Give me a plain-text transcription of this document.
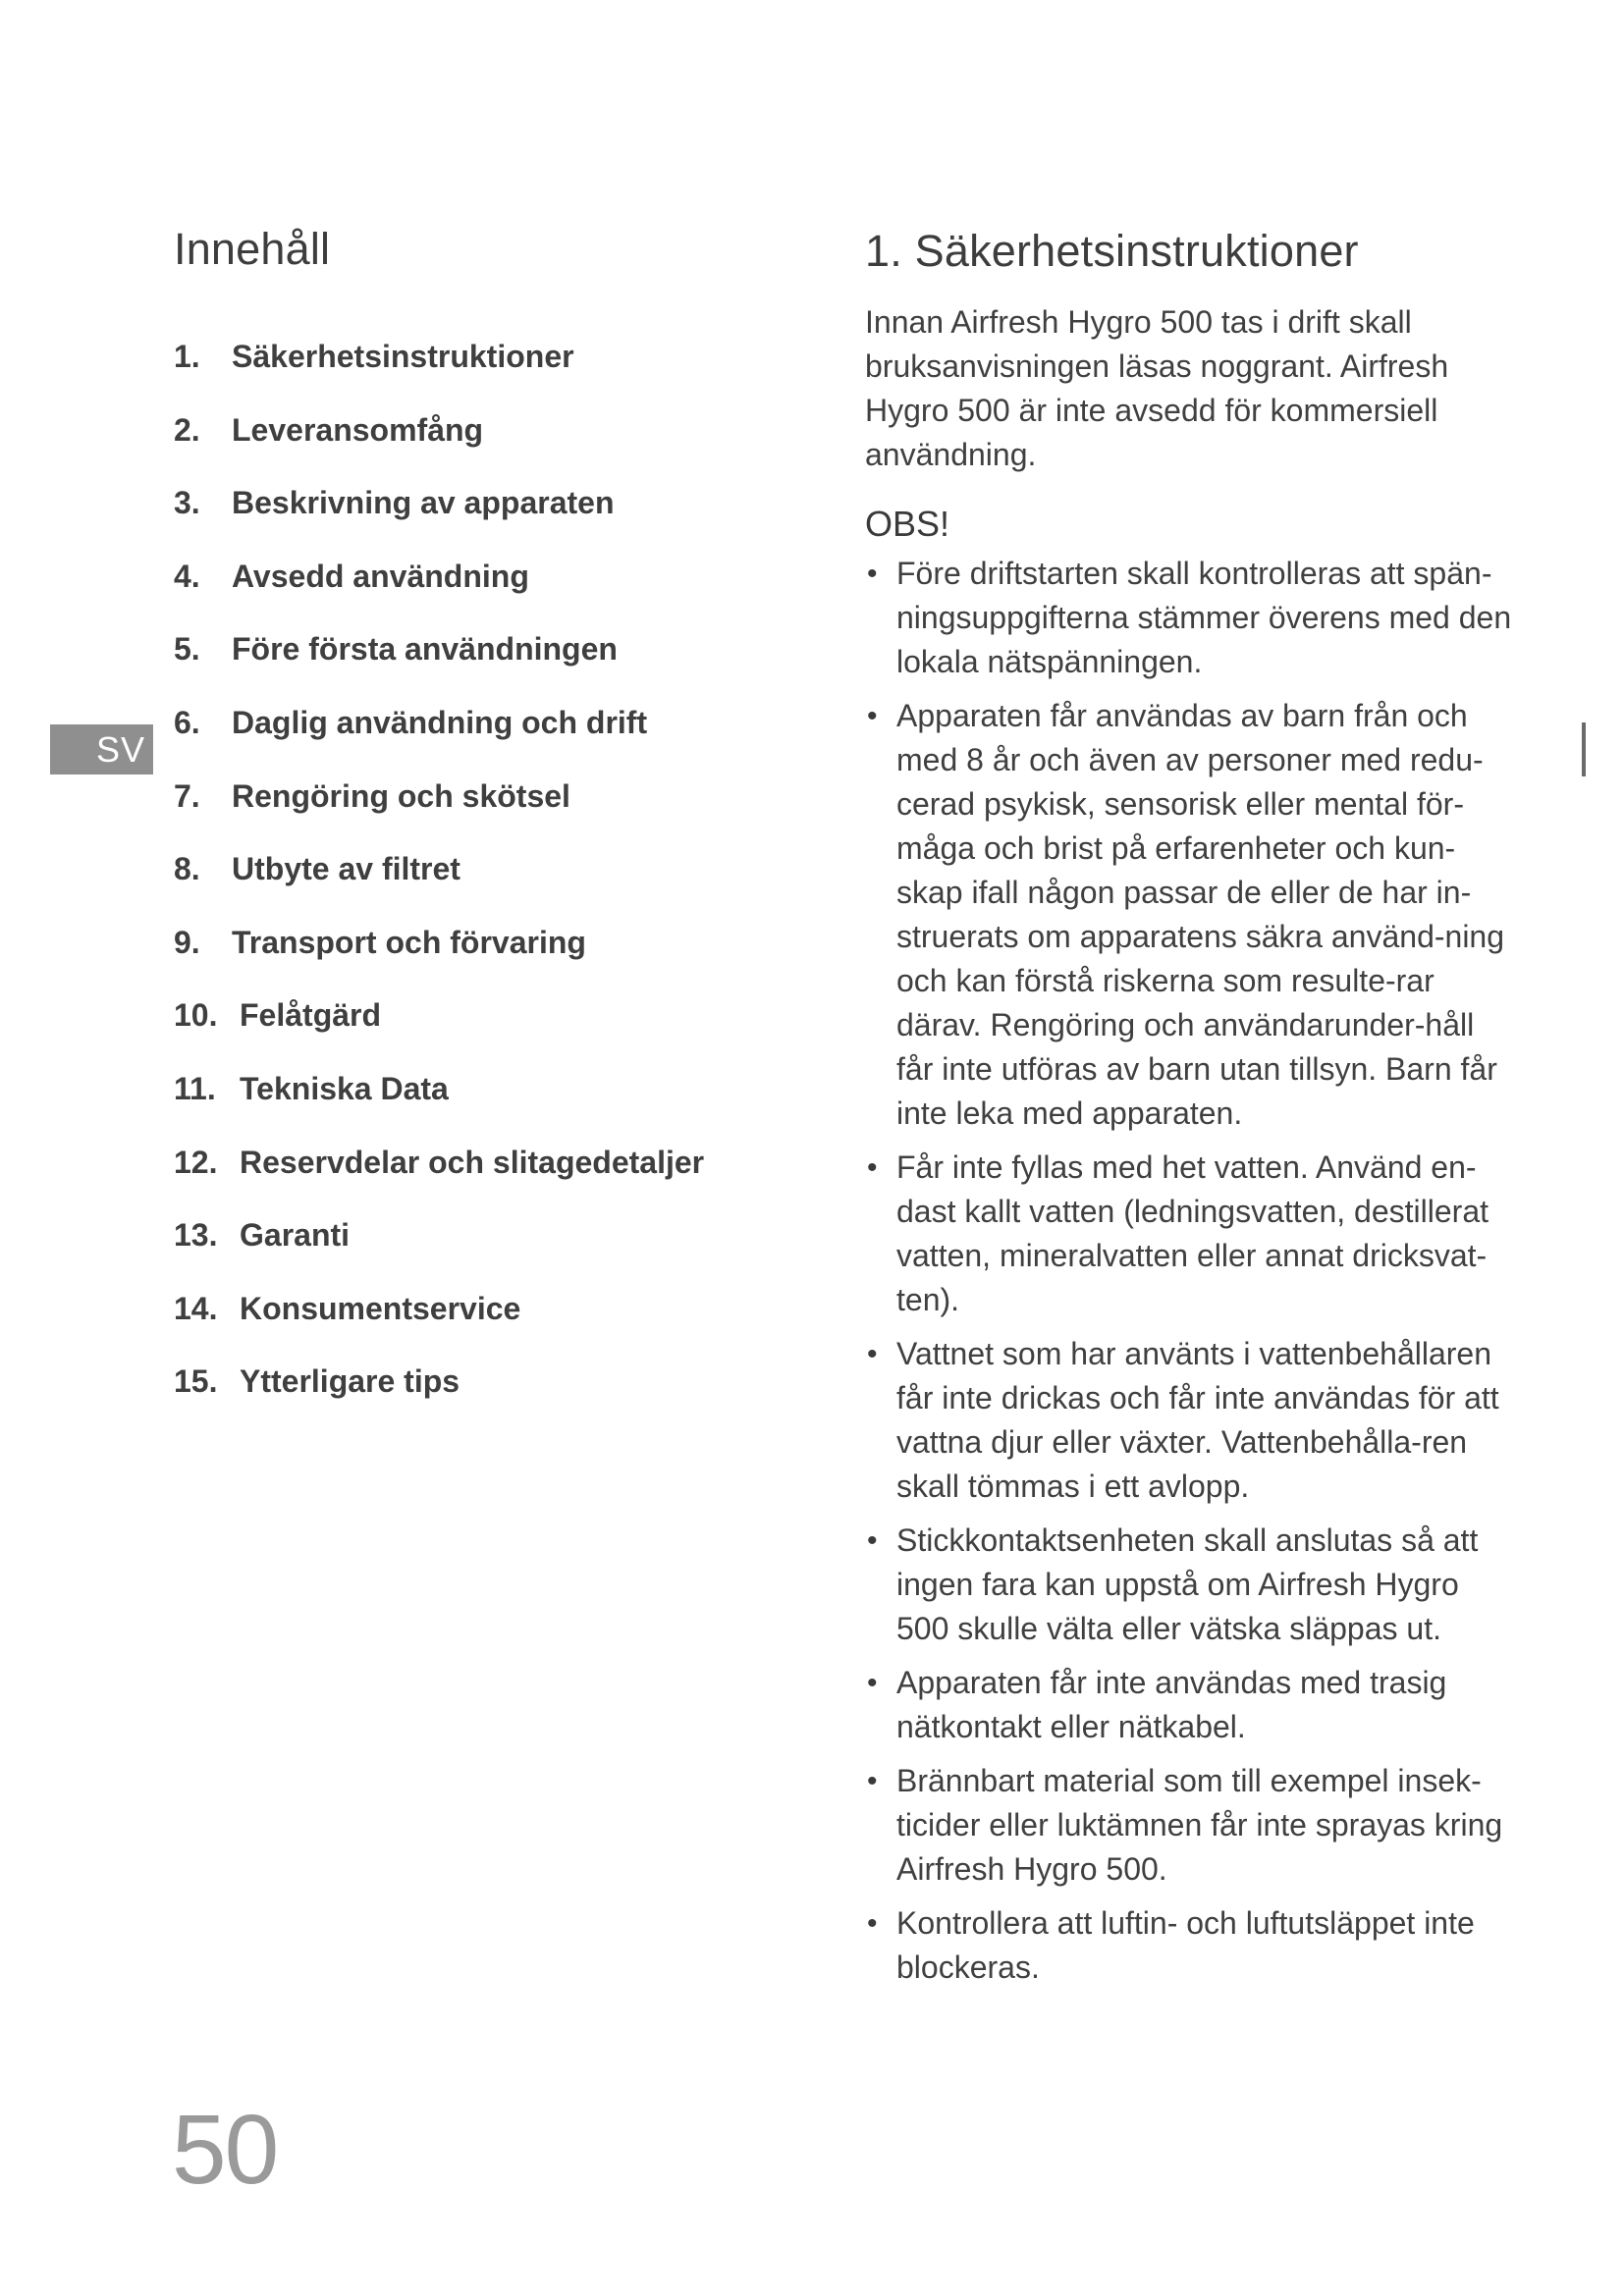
Innehåll
1. Säkerhetsinstruktioner
2. Leveransomfång
3. Beskrivning av apparaten
4. Avsedd användning
5. Före första användningen
6. Daglig användning och drift
7. Rengöring och skötsel
8. Utbyte av filtret
9. Transport och förvaring
10. Felåtgärd
11. Tekniska Data
12. Reservdelar och slitagedetaljer
13. Garanti
14. Konsumentservice
15. Ytterligare tips
SV
1. Säkerhetsinstruktioner

Innan Airfresh Hygro 500 tas i drift skall bruksanvisningen läsas noggrant. Airfresh Hygro 500 är inte avsedd för kommersiell användning.

OBS!
• Före driftstarten skall kontrolleras att spän-ningsuppgifterna stämmer överens med den lokala nätspänningen.
• Apparaten får användas av barn från och med 8 år och även av personer med redu-cerad psykisk, sensorisk eller mental för-måga och brist på erfarenheter och kun-skap ifall någon passar de eller de har in-struerats om apparatens säkra använd-ning och kan förstå riskerna som resulte-rar därav. Rengöring och användarunder-håll får inte utföras av barn utan tillsyn. Barn får inte leka med apparaten.
• Får inte fyllas med het vatten. Använd en-dast kallt vatten (ledningsvatten, destillerat vatten, mineralvatten eller annat dricksvat-ten).
• Vattnet som har använts i vattenbehållaren får inte drickas och får inte användas för att vattna djur eller växter. Vattenbehålla-ren skall tömmas i ett avlopp.
• Stickkontaktsenheten skall anslutas så att ingen fara kan uppstå om Airfresh Hygro 500 skulle välta eller vätska släppas ut.
• Apparaten får inte användas med trasig nätkontakt eller nätkabel.
• Brännbart material som till exempel insek-ticider eller luktämnen får inte sprayas kring Airfresh Hygro 500.
• Kontrollera att luftin- och luftutsläppet inte blockeras.
50
